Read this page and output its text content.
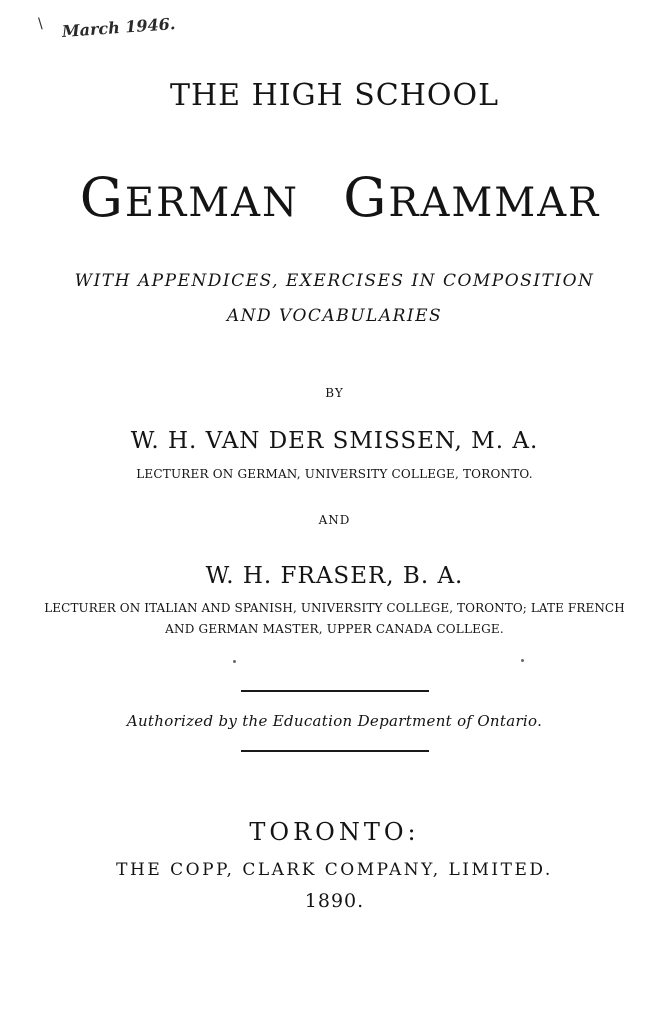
\ March 1946.
THE HIGH SCHOOL
GERMAN GRAMMAR
WITH APPENDICES, EXERCISES IN COMPOSITION
AND VOCABULARIES
BY
W. H. VAN DER SMISSEN, M. A.
LECTURER ON GERMAN, UNIVERSITY COLLEGE, TORONTO.
AND
W. H. FRASER, B. A.
LECTURER ON ITALIAN AND SPANISH, UNIVERSITY COLLEGE, TORONTO; LATE FRENCH
AND GERMAN MASTER, UPPER CANADA COLLEGE.
Authorized by the Education Department of Ontario.
TORONTO:
THE COPP, CLARK COMPANY, LIMITED.
1890.
